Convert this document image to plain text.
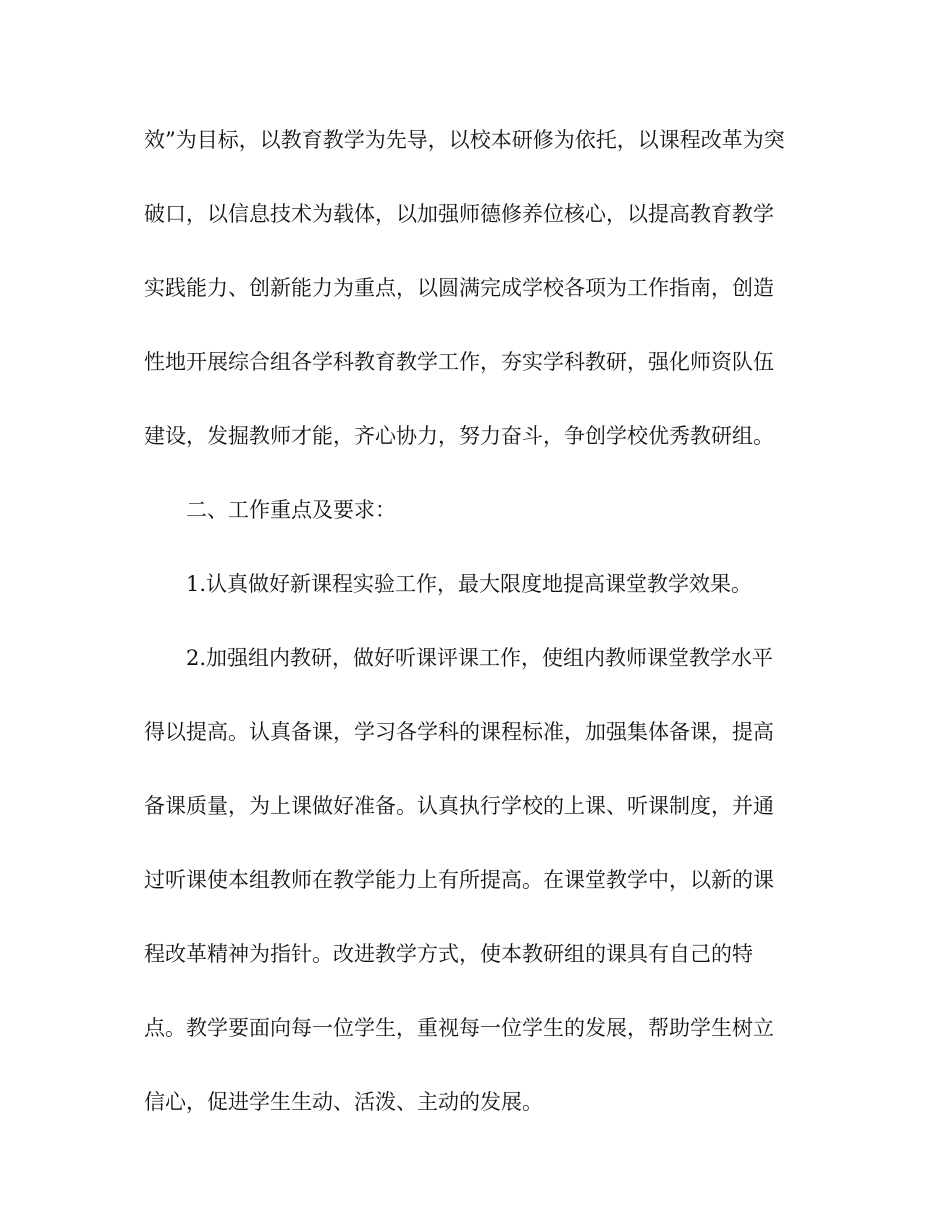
效”为目标，以教育教学为先导，以校本研修为依托，以课程改革为突
破口，以信息技术为载体，以加强师德修养位核心，以提高教育教学
实践能力、创新能力为重点，以圆满完成学校各项为工作指南，创造
性地开展综合组各学科教育教学工作，夯实学科教研，强化师资队伍
建设，发掘教师才能，齐心协力，努力奋斗，争创学校优秀教研组。
二、工作重点及要求：
1.认真做好新课程实验工作，最大限度地提高课堂教学效果。
2.加强组内教研，做好听课评课工作，使组内教师课堂教学水平
得以提高。认真备课，学习各学科的课程标准，加强集体备课，提高
备课质量，为上课做好准备。认真执行学校的上课、听课制度，并通
过听课使本组教师在教学能力上有所提高。在课堂教学中，以新的课
程改革精神为指针。改进教学方式，使本教研组的课具有自己的特
点。教学要面向每一位学生，重视每一位学生的发展，帮助学生树立
信心，促进学生生动、活泼、主动的发展。
